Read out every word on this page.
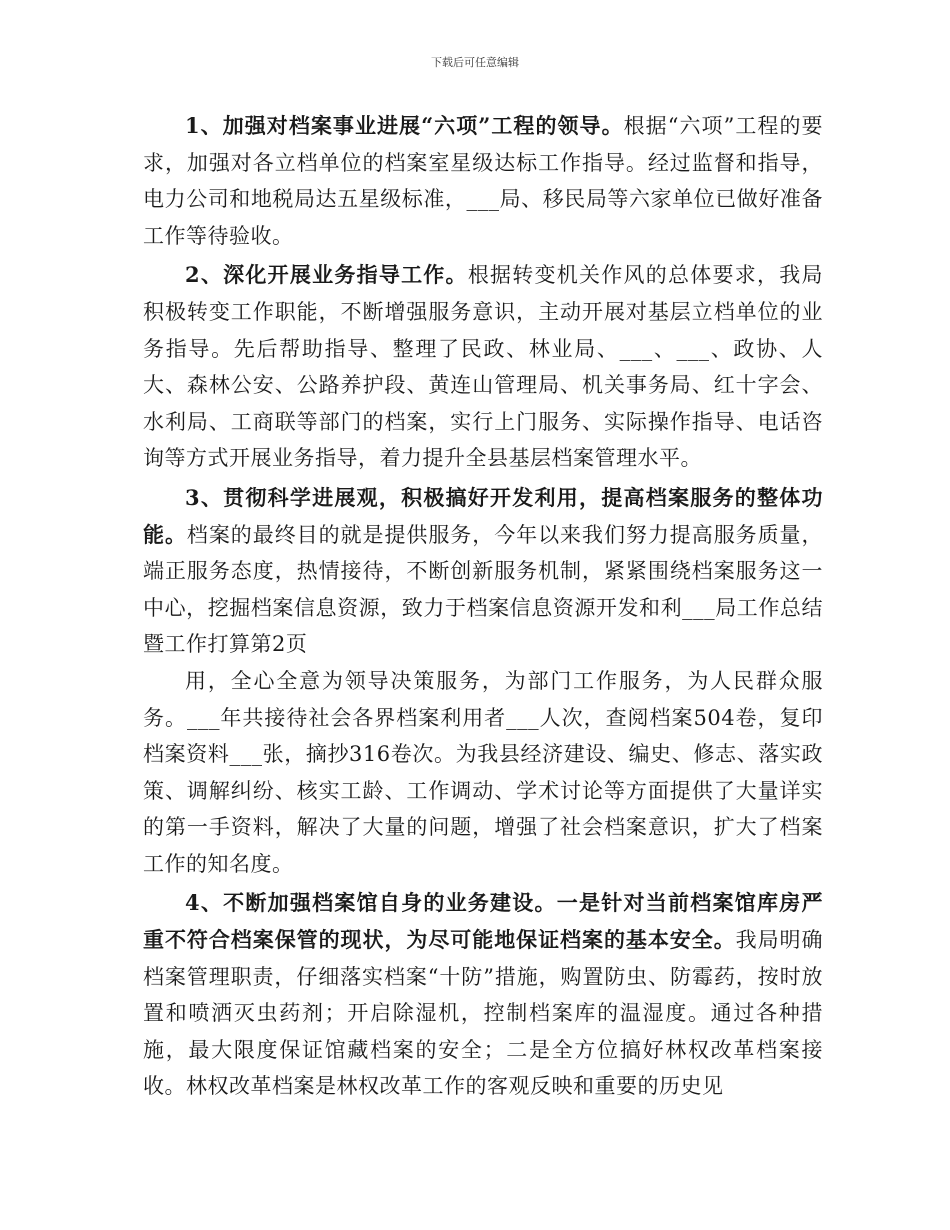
下载后可任意编辑

1、加强对档案事业进展“六项”工程的领导。根据“六项”工程的要求，加强对各立档单位的档案室星级达标工作指导。经过监督和指导，电力公司和地税局达五星级标准，___局、移民局等六家单位已做好准备工作等待验收。

2、深化开展业务指导工作。根据转变机关作风的总体要求，我局积极转变工作职能，不断增强服务意识，主动开展对基层立档单位的业务指导。先后帮助指导、整理了民政、林业局、___、___、政协、人大、森林公安、公路养护段、黄连山管理局、机关事务局、红十字会、水利局、工商联等部门的档案，实行上门服务、实际操作指导、电话咨询等方式开展业务指导，着力提升全县基层档案管理水平。

3、贯彻科学进展观，积极搞好开发利用，提高档案服务的整体功能。档案的最终目的就是提供服务，今年以来我们努力提高服务质量，端正服务态度，热情接待，不断创新服务机制，紧紧围绕档案服务这一中心，挖掘档案信息资源，致力于档案信息资源开发和利___局工作总结暨工作打算第2页

用，全心全意为领导决策服务，为部门工作服务，为人民群众服务。___年共接待社会各界档案利用者___人次，查阅档案504卷，复印档案资料___张，摘抄316卷次。为我县经济建设、编史、修志、落实政策、调解纠纷、核实工龄、工作调动、学术讨论等方面提供了大量详实的第一手资料，解决了大量的问题，增强了社会档案意识，扩大了档案工作的知名度。

4、不断加强档案馆自身的业务建设。一是针对当前档案馆库房严重不符合档案保管的现状，为尽可能地保证档案的基本安全。我局明确档案管理职责，仔细落实档案“十防”措施，购置防虫、防霉药，按时放置和喷洒灭虫药剂；开启除湿机，控制档案库的温湿度。通过各种措施，最大限度保证馆藏档案的安全；二是全方位搞好林权改革档案接收。林权改革档案是林权改革工作的客观反映和重要的历史见
